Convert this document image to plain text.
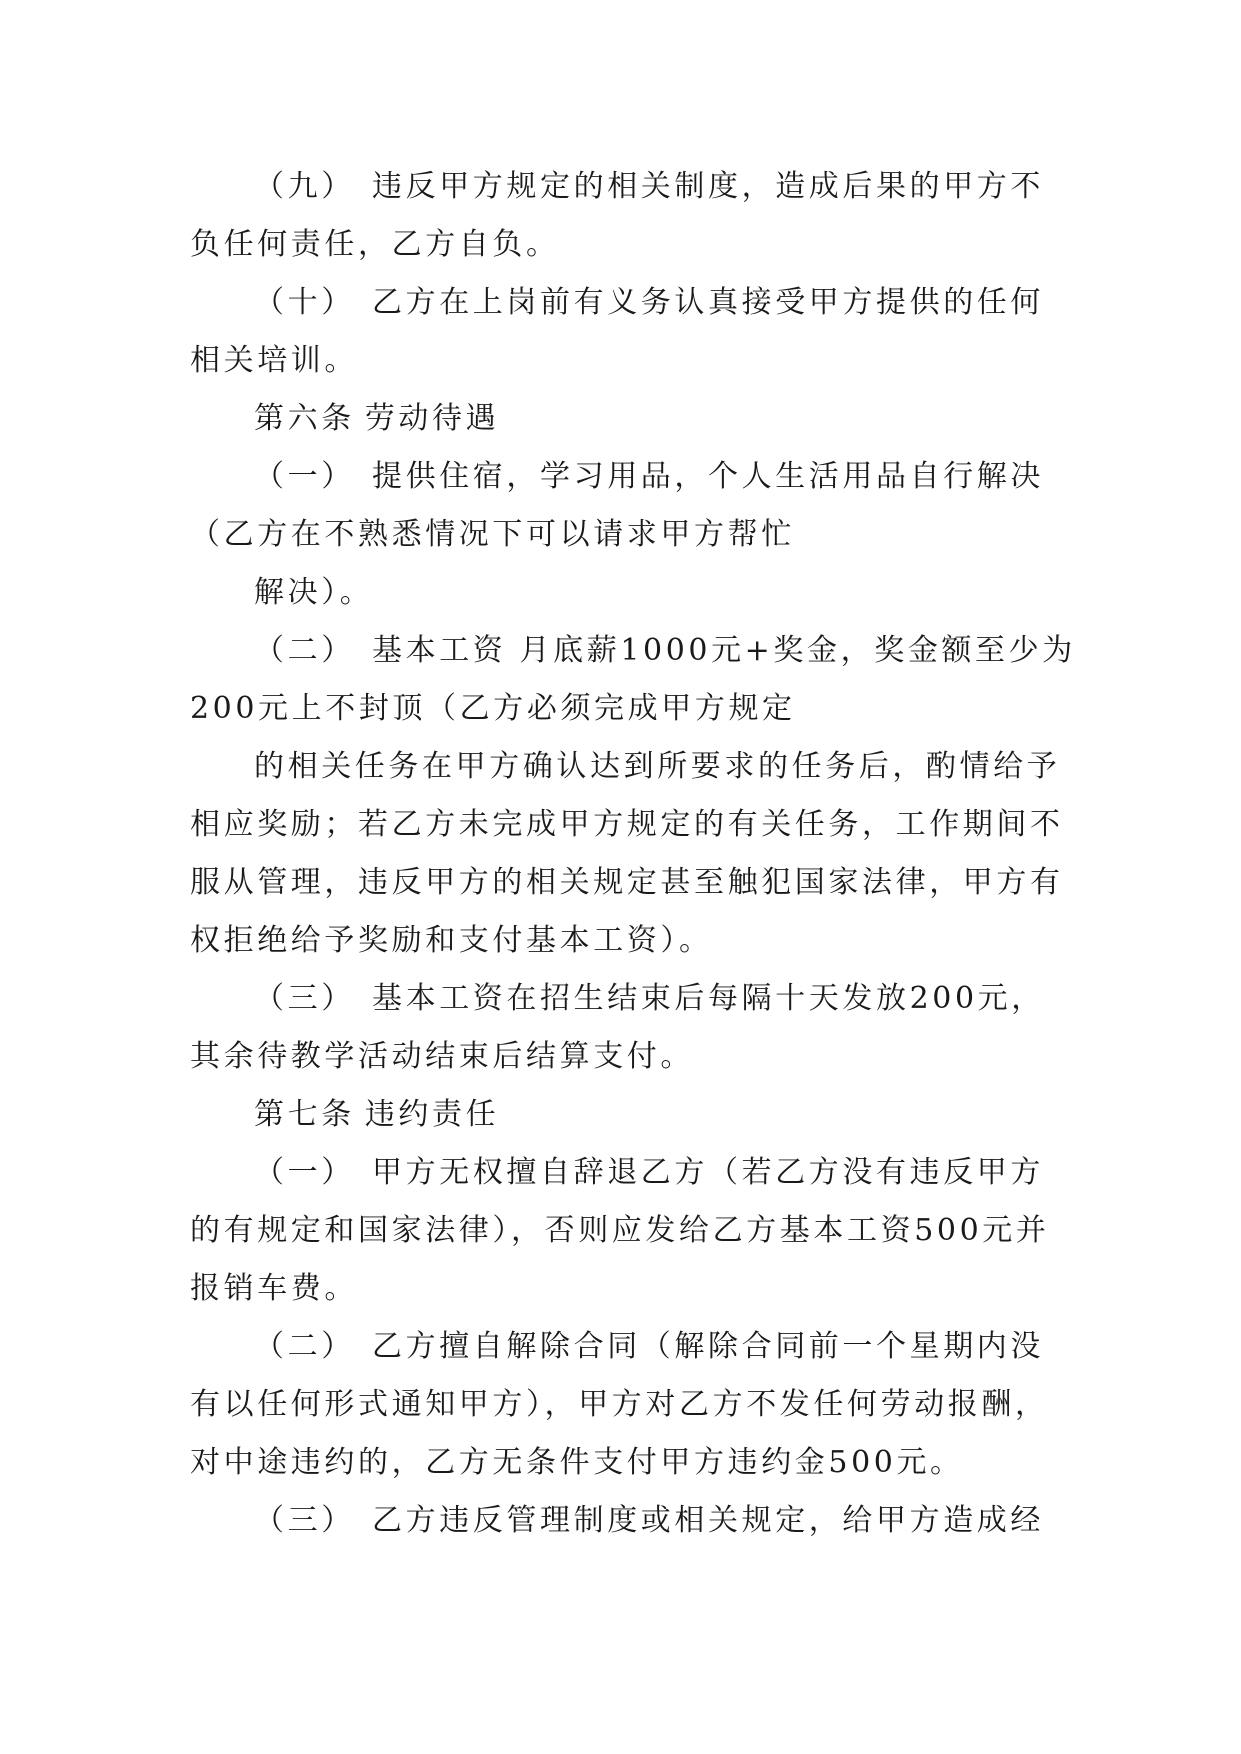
（九） 违反甲方规定的相关制度，造成后果的甲方不
负任何责任，乙方自负。
（十） 乙方在上岗前有义务认真接受甲方提供的任何
相关培训。
第六条 劳动待遇
（一） 提供住宿，学习用品，个人生活用品自行解决
（乙方在不熟悉情况下可以请求甲方帮忙
解决）。
（二） 基本工资 月底薪1000元+奖金，奖金额至少为
200元上不封顶（乙方必须完成甲方规定
的相关任务在甲方确认达到所要求的任务后，酌情给予
相应奖励；若乙方未完成甲方规定的有关任务，工作期间不
服从管理，违反甲方的相关规定甚至触犯国家法律，甲方有
权拒绝给予奖励和支付基本工资）。
（三） 基本工资在招生结束后每隔十天发放200元，
其余待教学活动结束后结算支付。
第七条 违约责任
（一） 甲方无权擅自辞退乙方（若乙方没有违反甲方
的有规定和国家法律），否则应发给乙方基本工资500元并
报销车费。
（二） 乙方擅自解除合同（解除合同前一个星期内没
有以任何形式通知甲方），甲方对乙方不发任何劳动报酬，
对中途违约的，乙方无条件支付甲方违约金500元。
（三） 乙方违反管理制度或相关规定，给甲方造成经
